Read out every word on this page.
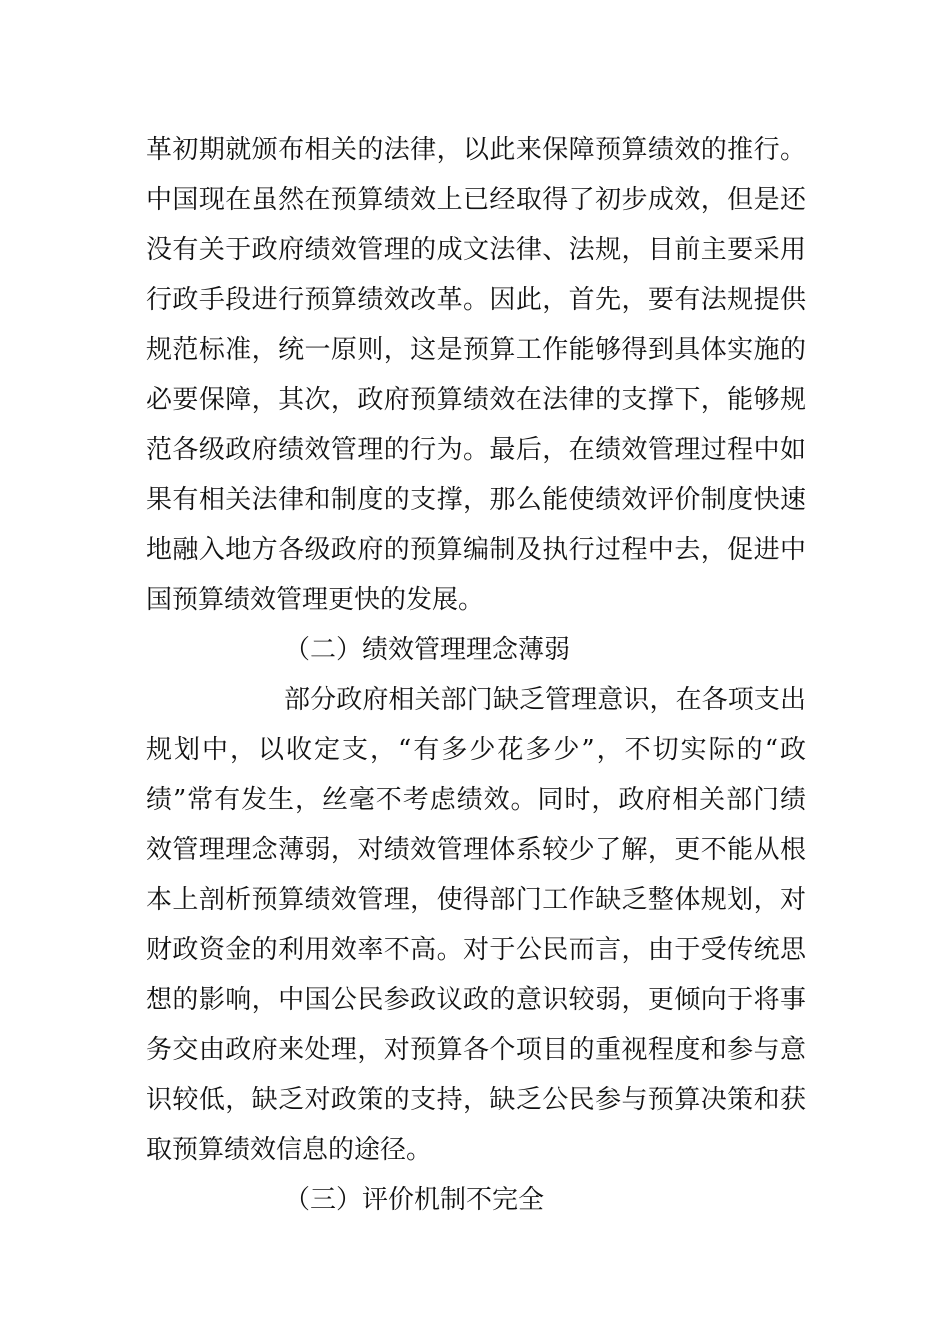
革初期就颁布相关的法律，以此来保障预算绩效的推行。
中国现在虽然在预算绩效上已经取得了初步成效，但是还
没有关于政府绩效管理的成文法律、法规，目前主要采用
行政手段进行预算绩效改革。因此，首先，要有法规提供
规范标准，统一原则，这是预算工作能够得到具体实施的
必要保障，其次，政府预算绩效在法律的支撑下，能够规
范各级政府绩效管理的行为。最后，在绩效管理过程中如
果有相关法律和制度的支撑，那么能使绩效评价制度快速
地融入地方各级政府的预算编制及执行过程中去，促进中
国预算绩效管理更快的发展。
（二）绩效管理理念薄弱
部分政府相关部门缺乏管理意识，在各项支出
规划中，以收定支，“有多少花多少”，不切实际的“政
绩”常有发生，丝毫不考虑绩效。同时，政府相关部门绩
效管理理念薄弱，对绩效管理体系较少了解，更不能从根
本上剖析预算绩效管理，使得部门工作缺乏整体规划，对
财政资金的利用效率不高。对于公民而言，由于受传统思
想的影响，中国公民参政议政的意识较弱，更倾向于将事
务交由政府来处理，对预算各个项目的重视程度和参与意
识较低，缺乏对政策的支持，缺乏公民参与预算决策和获
取预算绩效信息的途径。
（三）评价机制不完全
